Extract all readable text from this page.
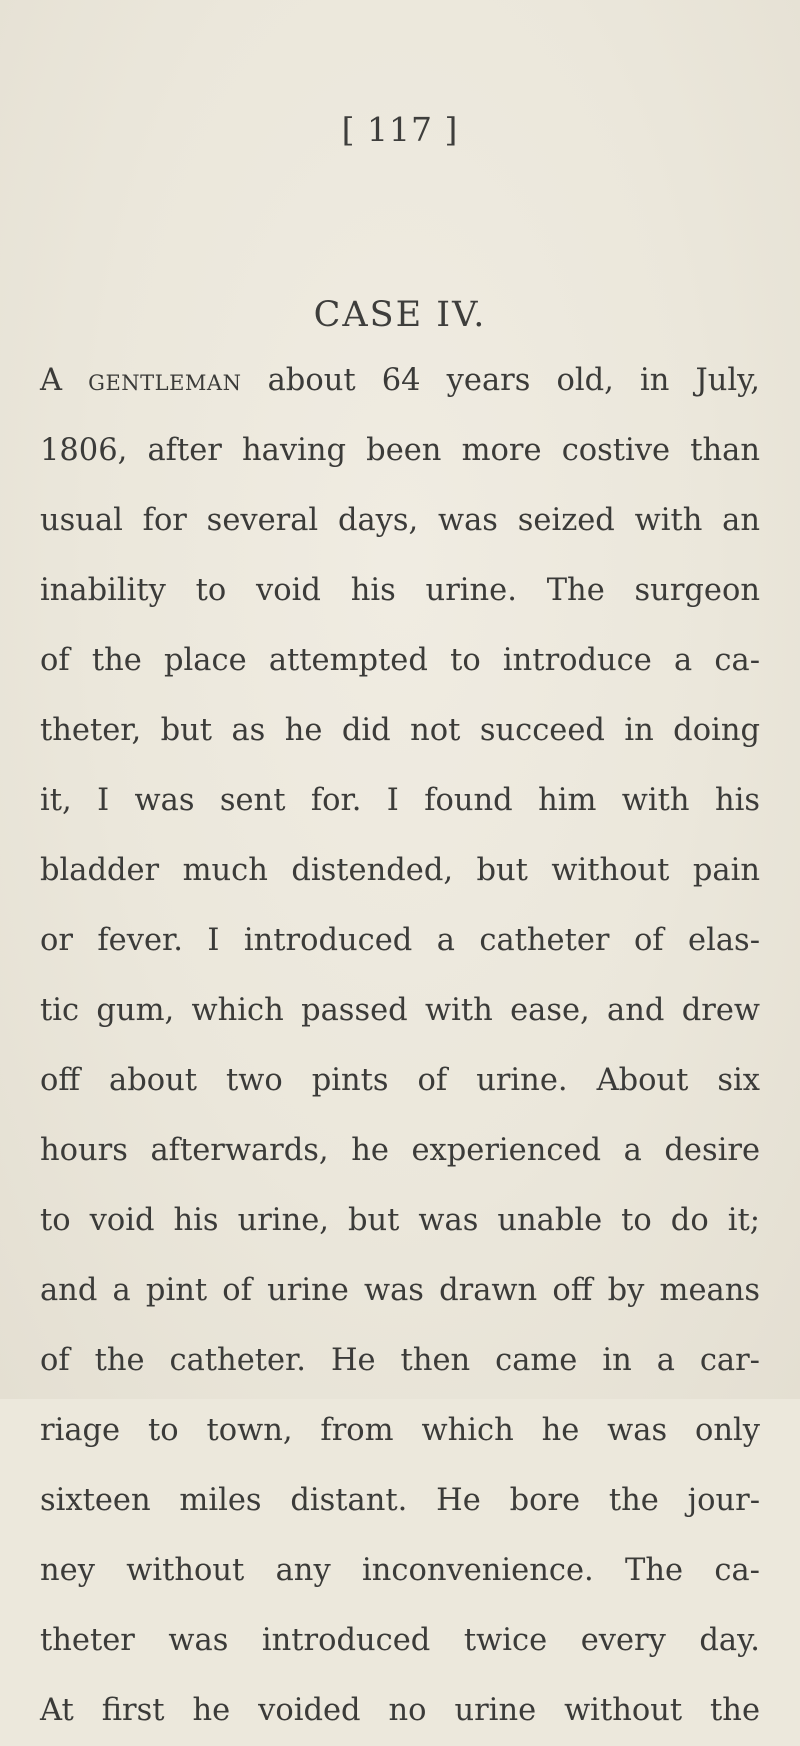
[ 117 ]
CASE IV.
A gentleman about 64 years old, in July,
1806, after having been more costive than
usual for several days, was seized with an
inability to void his urine. The surgeon
of the place attempted to introduce a ca-
theter, but as he did not succeed in doing
it, I was sent for. I found him with his
bladder much distended, but without pain
or fever. I introduced a catheter of elas-
tic gum, which passed with ease, and drew
off about two pints of urine. About six
hours afterwards, he experienced a desire
to void his urine, but was unable to do it;
and a pint of urine was drawn off by means
of the catheter. He then came in a car-
riage to town, from which he was only
sixteen miles distant. He bore the jour-
ney without any inconvenience. The ca-
theter was introduced twice every day.
At first he voided no urine without the
